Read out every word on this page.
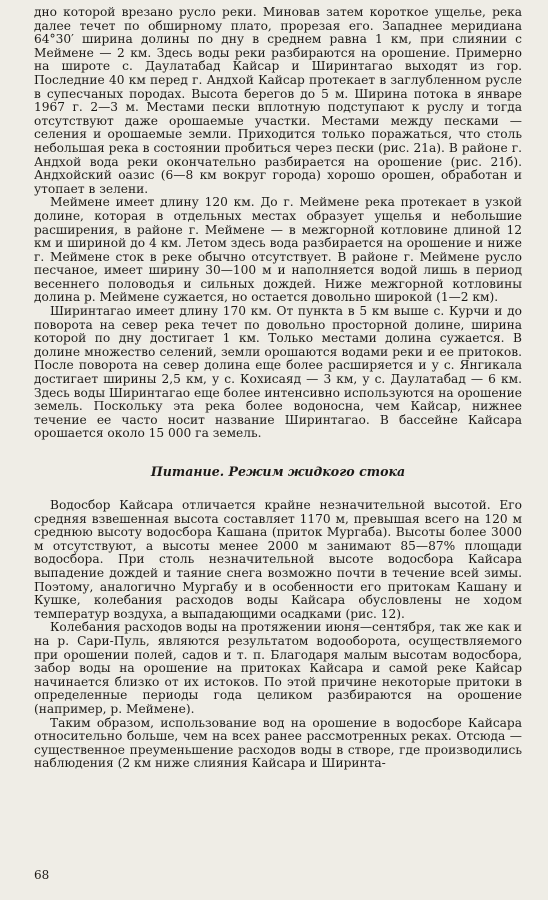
дно которой врезано русло реки. Миновав затем короткое ущелье, река далее течет по обширному плато, прорезая его. Западнее меридиана 64°30′ ширина долины по дну в среднем равна 1 км, при слиянии с Меймене — 2 км. Здесь воды реки разбираются на орошение. Примерно на широте с. Даулатабад Кайсар и Ширинтагао выходят из гор. Последние 40 км перед г. Андхой Кайсар протекает в заглубленном русле в супесчаных породах. Высота берегов до 5 м. Ширина потока в январе 1967 г. 2—3 м. Местами пески вплотную подступают к руслу и тогда отсутствуют даже орошаемые участки. Местами между песками — селения и орошаемые земли. Приходится только поражаться, что столь небольшая река в состоянии пробиться через пески (рис. 21а). В районе г. Андхой вода реки окончательно разбирается на орошение (рис. 21б). Андхойский оазис (6—8 км вокруг города) хорошо орошен, обработан и утопает в зелени.

Меймене имеет длину 120 км. До г. Меймене река протекает в узкой долине, которая в отдельных местах образует ущелья и небольшие расширения, в районе г. Меймене — в межгорной котловине длиной 12 км и шириной до 4 км. Летом здесь вода разбирается на орошение и ниже г. Меймене сток в реке обычно отсутствует. В районе г. Меймене русло песчаное, имеет ширину 30—100 м и наполняется водой лишь в период весеннего половодья и сильных дождей. Ниже межгорной котловины долина р. Меймене сужается, но остается довольно широкой (1—2 км).

Ширинтагао имеет длину 170 км. От пункта в 5 км выше с. Курчи и до поворота на север река течет по довольно просторной долине, ширина которой по дну достигает 1 км. Только местами долина сужается. В долине множество селений, земли орошаются водами реки и ее притоков. После поворота на север долина еще более расширяется и у с. Янгикала достигает ширины 2,5 км, у с. Кохисаяд — 3 км, у с. Даулатабад — 6 км. Здесь воды Ширинтагао еще более интенсивно используются на орошение земель. Поскольку эта река более водоносна, чем Кайсар, нижнее течение ее часто носит название Ширинтагао. В бассейне Кайсара орошается около 15 000 га земель.

Питание. Режим жидкого стока

Водосбор Кайсара отличается крайне незначительной высотой. Его средняя взвешенная высота составляет 1170 м, превышая всего на 120 м среднюю высоту водосбора Кашана (приток Мургаба). Высоты более 3000 м отсутствуют, а высоты менее 2000 м занимают 85—87% площади водосбора. При столь незначительной высоте водосбора Кайсара выпадение дождей и таяние снега возможно почти в течение всей зимы. Поэтому, аналогично Мургабу и в особенности его притокам Кашану и Кушке, колебания расходов воды Кайсара обусловлены не ходом температур воздуха, а выпадающими осадками (рис. 12).

Колебания расходов воды на протяжении июня—сентября, так же как и на р. Сари-Пуль, являются результатом водооборота, осуществляемого при орошении полей, садов и т. п. Благодаря малым высотам водосбора, забор воды на орошение на притоках Кайсара и самой реке Кайсар начинается близко от их истоков. По этой причине некоторые притоки в определенные периоды года целиком разбираются на орошение (например, р. Меймене).

Таким образом, использование вод на орошение в водосборе Кайсара относительно больше, чем на всех ранее рассмотренных реках. Отсюда — существенное преуменьшение расходов воды в створе, где производились наблюдения (2 км ниже слияния Кайсара и Ширинта-

68
